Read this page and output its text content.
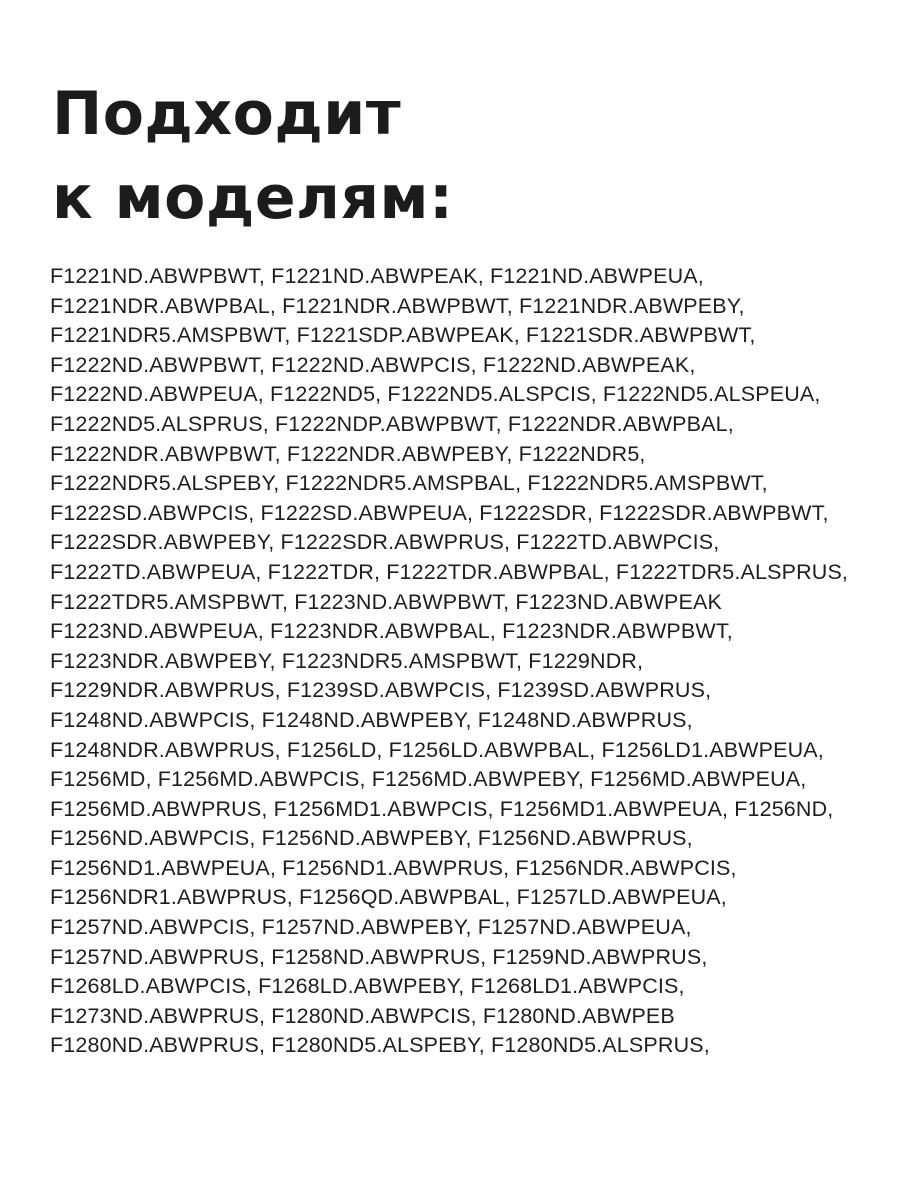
Подходит
к моделям:
F1221ND.ABWPBWT, F1221ND.ABWPEAK, F1221ND.ABWPEUA,
F1221NDR.ABWPBAL, F1221NDR.ABWPBWT, F1221NDR.ABWPEBY,
F1221NDR5.AMSPBWT, F1221SDP.ABWPEAK, F1221SDR.ABWPBWT,
F1222ND.ABWPBWT, F1222ND.ABWPCIS, F1222ND.ABWPEAK,
F1222ND.ABWPEUA, F1222ND5, F1222ND5.ALSPCIS, F1222ND5.ALSPEUA,
F1222ND5.ALSPRUS, F1222NDP.ABWPBWT, F1222NDR.ABWPBAL,
F1222NDR.ABWPBWT, F1222NDR.ABWPEBY, F1222NDR5,
F1222NDR5.ALSPEBY, F1222NDR5.AMSPBAL, F1222NDR5.AMSPBWT,
F1222SD.ABWPCIS, F1222SD.ABWPEUA, F1222SDR, F1222SDR.ABWPBWT,
F1222SDR.ABWPEBY, F1222SDR.ABWPRUS, F1222TD.ABWPCIS,
F1222TD.ABWPEUA, F1222TDR, F1222TDR.ABWPBAL, F1222TDR5.ALSPRUS,
F1222TDR5.AMSPBWT, F1223ND.ABWPBWT, F1223ND.ABWPEAK
F1223ND.ABWPEUA, F1223NDR.ABWPBAL, F1223NDR.ABWPBWT,
F1223NDR.ABWPEBY, F1223NDR5.AMSPBWT, F1229NDR,
F1229NDR.ABWPRUS, F1239SD.ABWPCIS, F1239SD.ABWPRUS,
F1248ND.ABWPCIS, F1248ND.ABWPEBY, F1248ND.ABWPRUS,
F1248NDR.ABWPRUS, F1256LD, F1256LD.ABWPBAL, F1256LD1.ABWPEUA,
F1256MD, F1256MD.ABWPCIS, F1256MD.ABWPEBY, F1256MD.ABWPEUA,
F1256MD.ABWPRUS, F1256MD1.ABWPCIS, F1256MD1.ABWPEUA, F1256ND,
F1256ND.ABWPCIS, F1256ND.ABWPEBY, F1256ND.ABWPRUS,
F1256ND1.ABWPEUA, F1256ND1.ABWPRUS, F1256NDR.ABWPCIS,
F1256NDR1.ABWPRUS, F1256QD.ABWPBAL, F1257LD.ABWPEUA,
F1257ND.ABWPCIS, F1257ND.ABWPEBY, F1257ND.ABWPEUA,
F1257ND.ABWPRUS, F1258ND.ABWPRUS, F1259ND.ABWPRUS,
F1268LD.ABWPCIS, F1268LD.ABWPEBY, F1268LD1.ABWPCIS,
F1273ND.ABWPRUS, F1280ND.ABWPCIS, F1280ND.ABWPEB
F1280ND.ABWPRUS, F1280ND5.ALSPEBY, F1280ND5.ALSPRUS,
